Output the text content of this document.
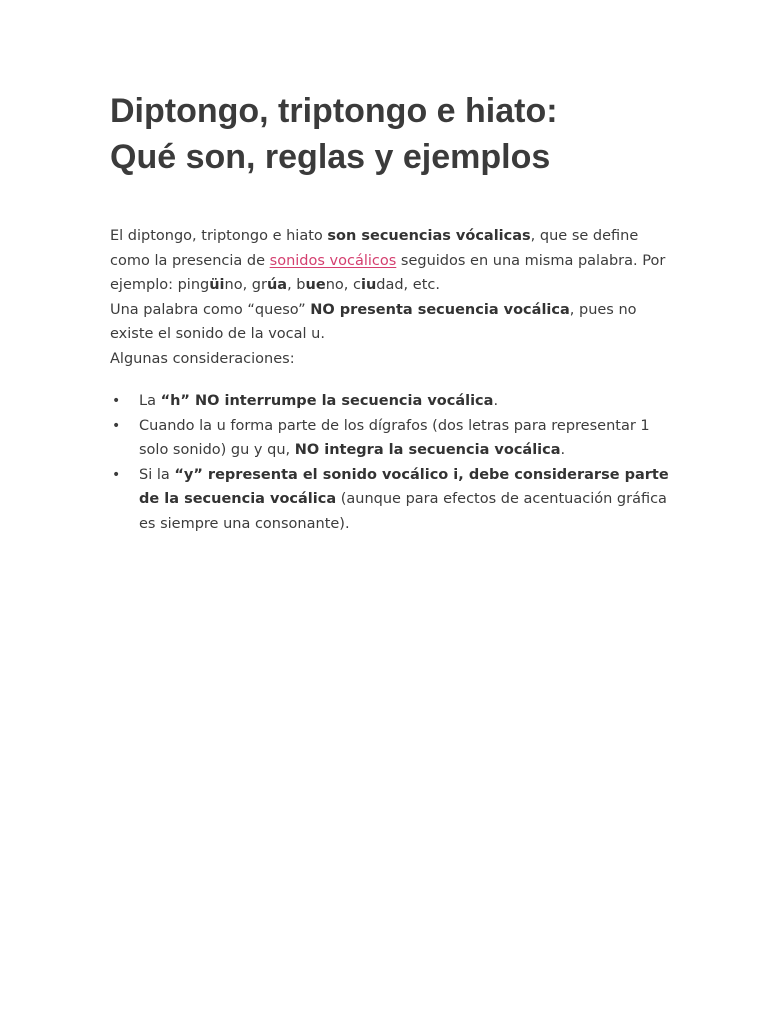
Diptongo, triptongo e hiato:
Qué son, reglas y ejemplos

El diptongo, triptongo e hiato son secuencias vócalicas, que se define como la presencia de sonidos vocálicos seguidos en una misma palabra. Por ejemplo: pingüino, grúa, bueno, ciudad, etc.

Una palabra como “queso” NO presenta secuencia vocálica, pues no existe el sonido de la vocal u.

Algunas consideraciones:

• La “h” NO interrumpe la secuencia vocálica.
• Cuando la u forma parte de los dígrafos (dos letras para representar 1 solo sonido) gu y qu, NO integra la secuencia vocálica.
• Si la “y” representa el sonido vocálico i, debe considerarse parte de la secuencia vocálica (aunque para efectos de acentuación gráfica es siempre una consonante).
